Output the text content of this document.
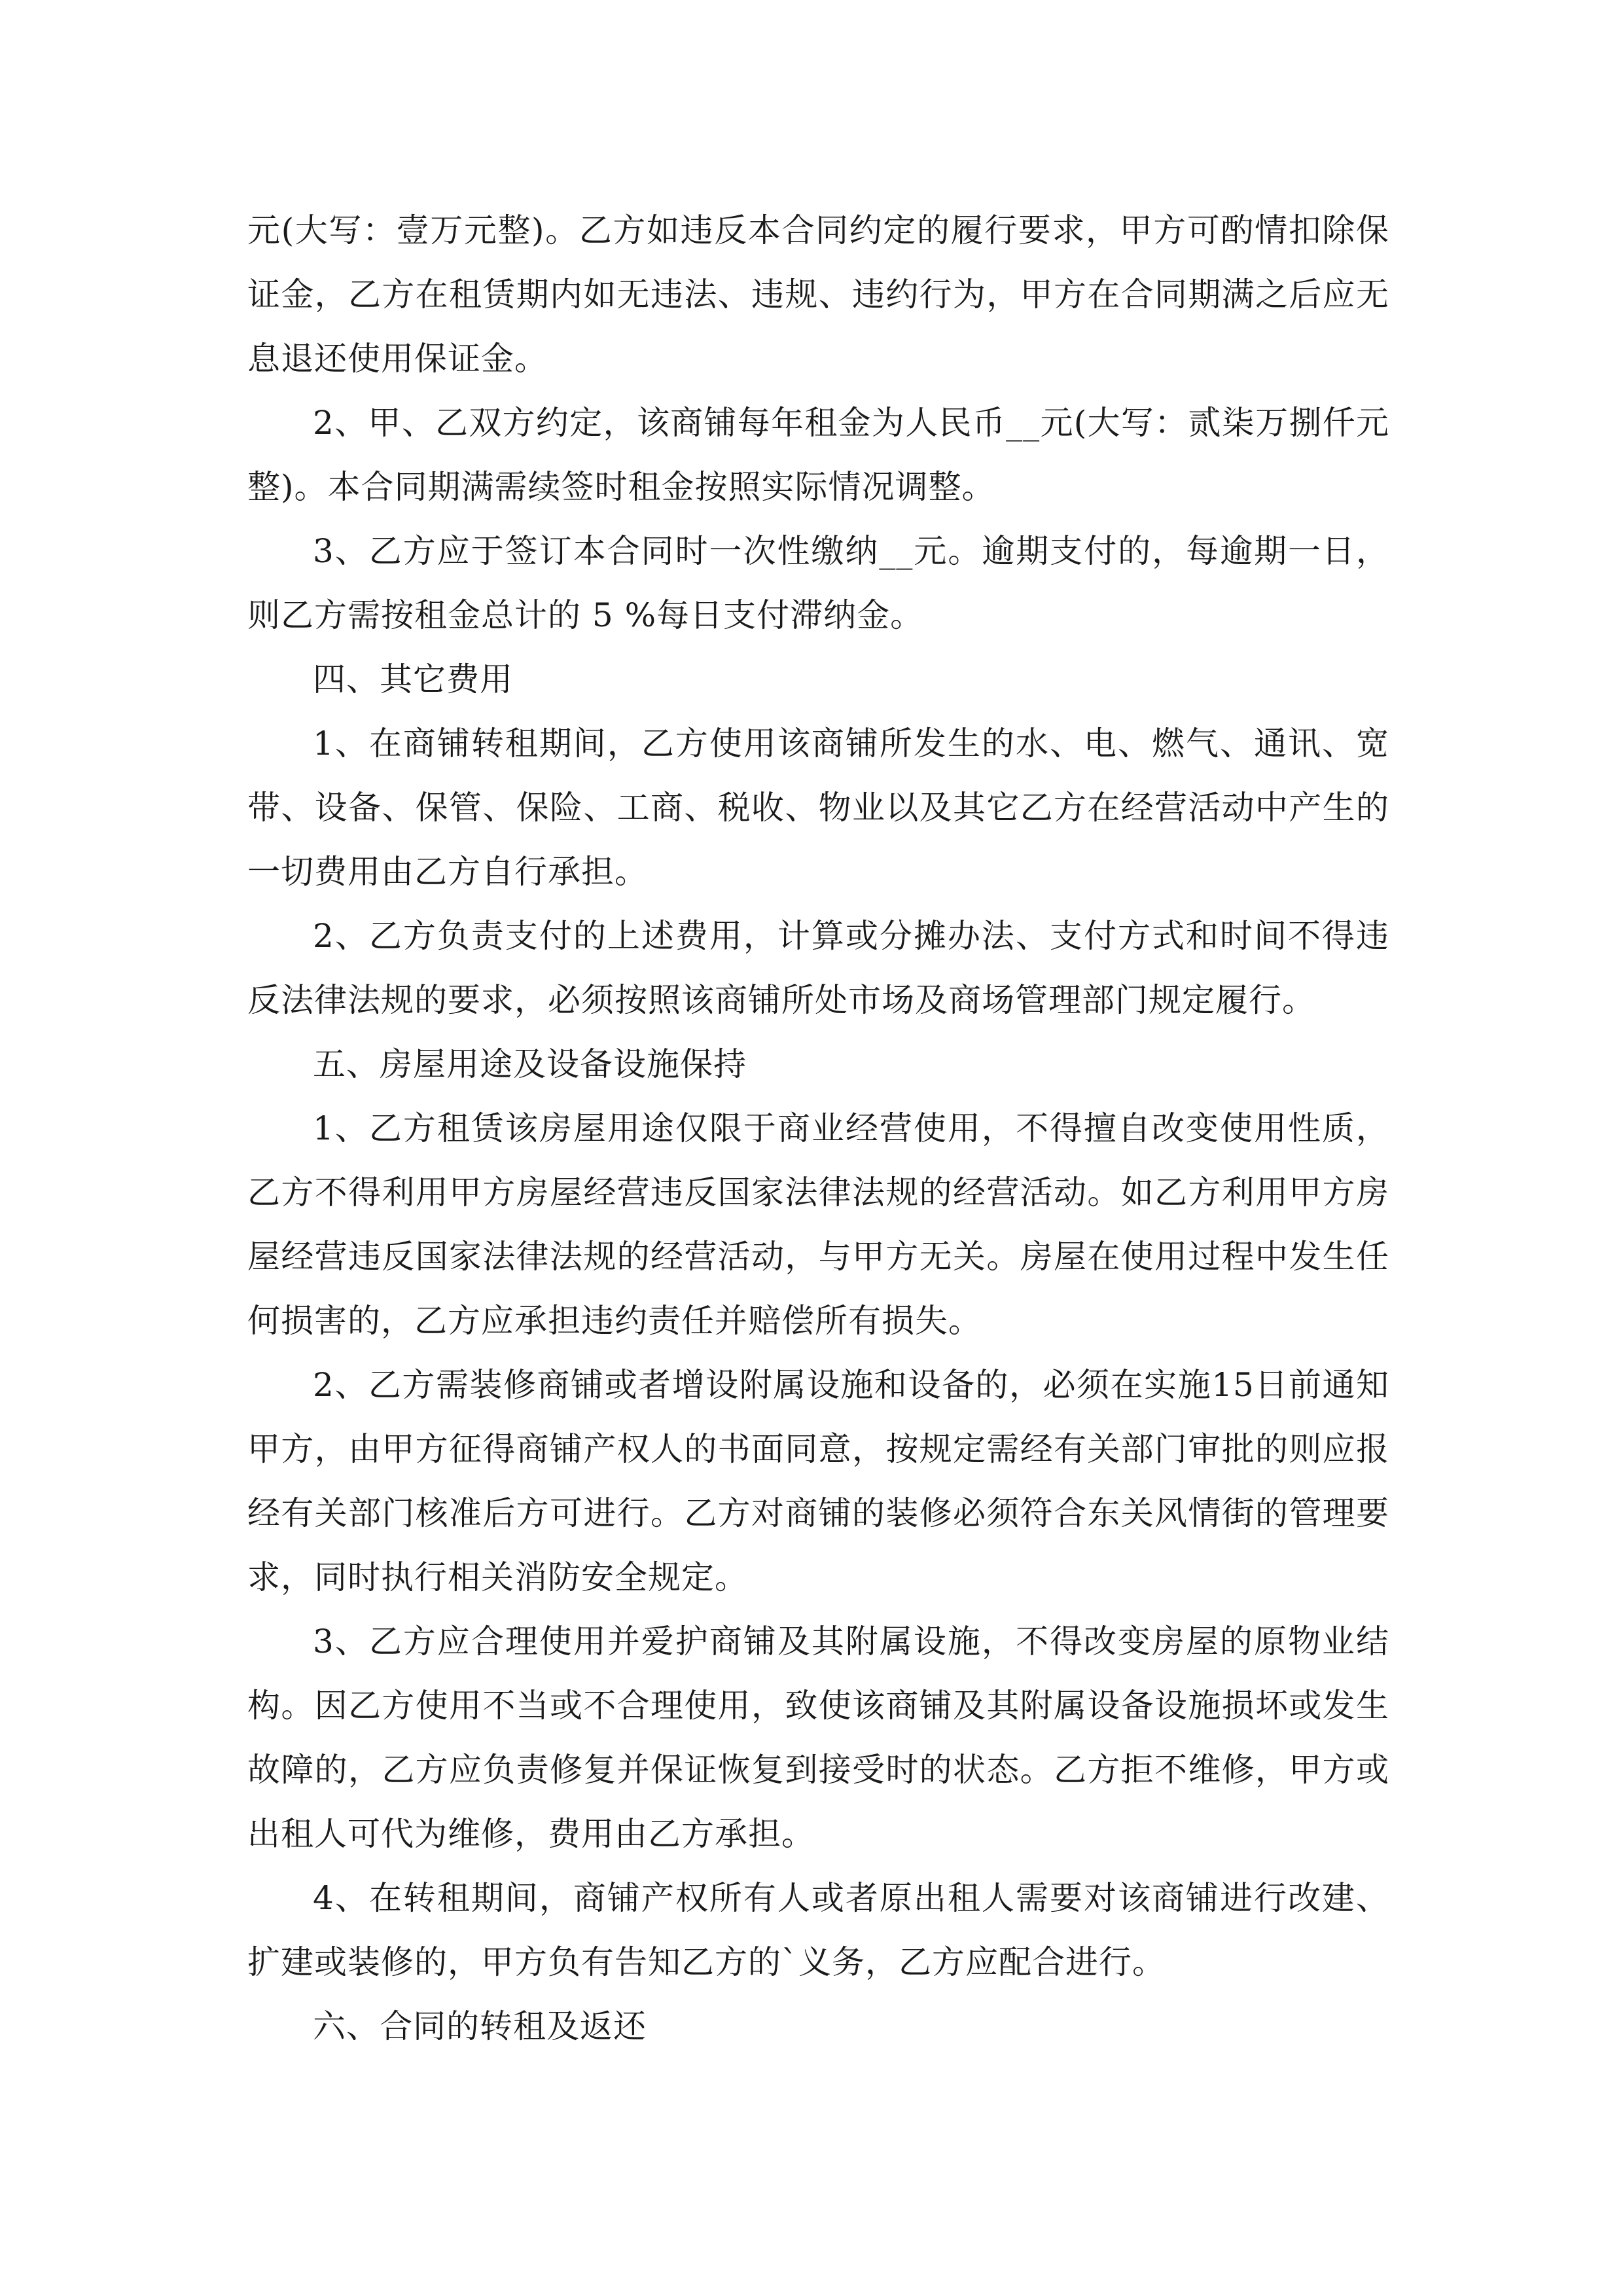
元(大写：壹万元整)。乙方如违反本合同约定的履行要求，甲方可酌情扣除保证金，乙方在租赁期内如无违法、违规、违约行为，甲方在合同期满之后应无息退还使用保证金。

2、甲、乙双方约定，该商铺每年租金为人民币__元(大写：贰柒万捌仟元整)。本合同期满需续签时租金按照实际情况调整。

3、乙方应于签订本合同时一次性缴纳__元。逾期支付的，每逾期一日，则乙方需按租金总计的 5 %每日支付滞纳金。

四、其它费用

1、在商铺转租期间，乙方使用该商铺所发生的水、电、燃气、通讯、宽带、设备、保管、保险、工商、税收、物业以及其它乙方在经营活动中产生的一切费用由乙方自行承担。

2、乙方负责支付的上述费用，计算或分摊办法、支付方式和时间不得违反法律法规的要求，必须按照该商铺所处市场及商场管理部门规定履行。

五、房屋用途及设备设施保持

1、乙方租赁该房屋用途仅限于商业经营使用，不得擅自改变使用性质，乙方不得利用甲方房屋经营违反国家法律法规的经营活动。如乙方利用甲方房屋经营违反国家法律法规的经营活动，与甲方无关。房屋在使用过程中发生任何损害的，乙方应承担违约责任并赔偿所有损失。

2、乙方需装修商铺或者增设附属设施和设备的，必须在实施15日前通知甲方，由甲方征得商铺产权人的书面同意，按规定需经有关部门审批的则应报经有关部门核准后方可进行。乙方对商铺的装修必须符合东关风情街的管理要求，同时执行相关消防安全规定。

3、乙方应合理使用并爱护商铺及其附属设施，不得改变房屋的原物业结构。因乙方使用不当或不合理使用，致使该商铺及其附属设备设施损坏或发生故障的，乙方应负责修复并保证恢复到接受时的状态。乙方拒不维修，甲方或出租人可代为维修，费用由乙方承担。

4、在转租期间，商铺产权所有人或者原出租人需要对该商铺进行改建、扩建或装修的，甲方负有告知乙方的`义务，乙方应配合进行。

六、合同的转租及返还
